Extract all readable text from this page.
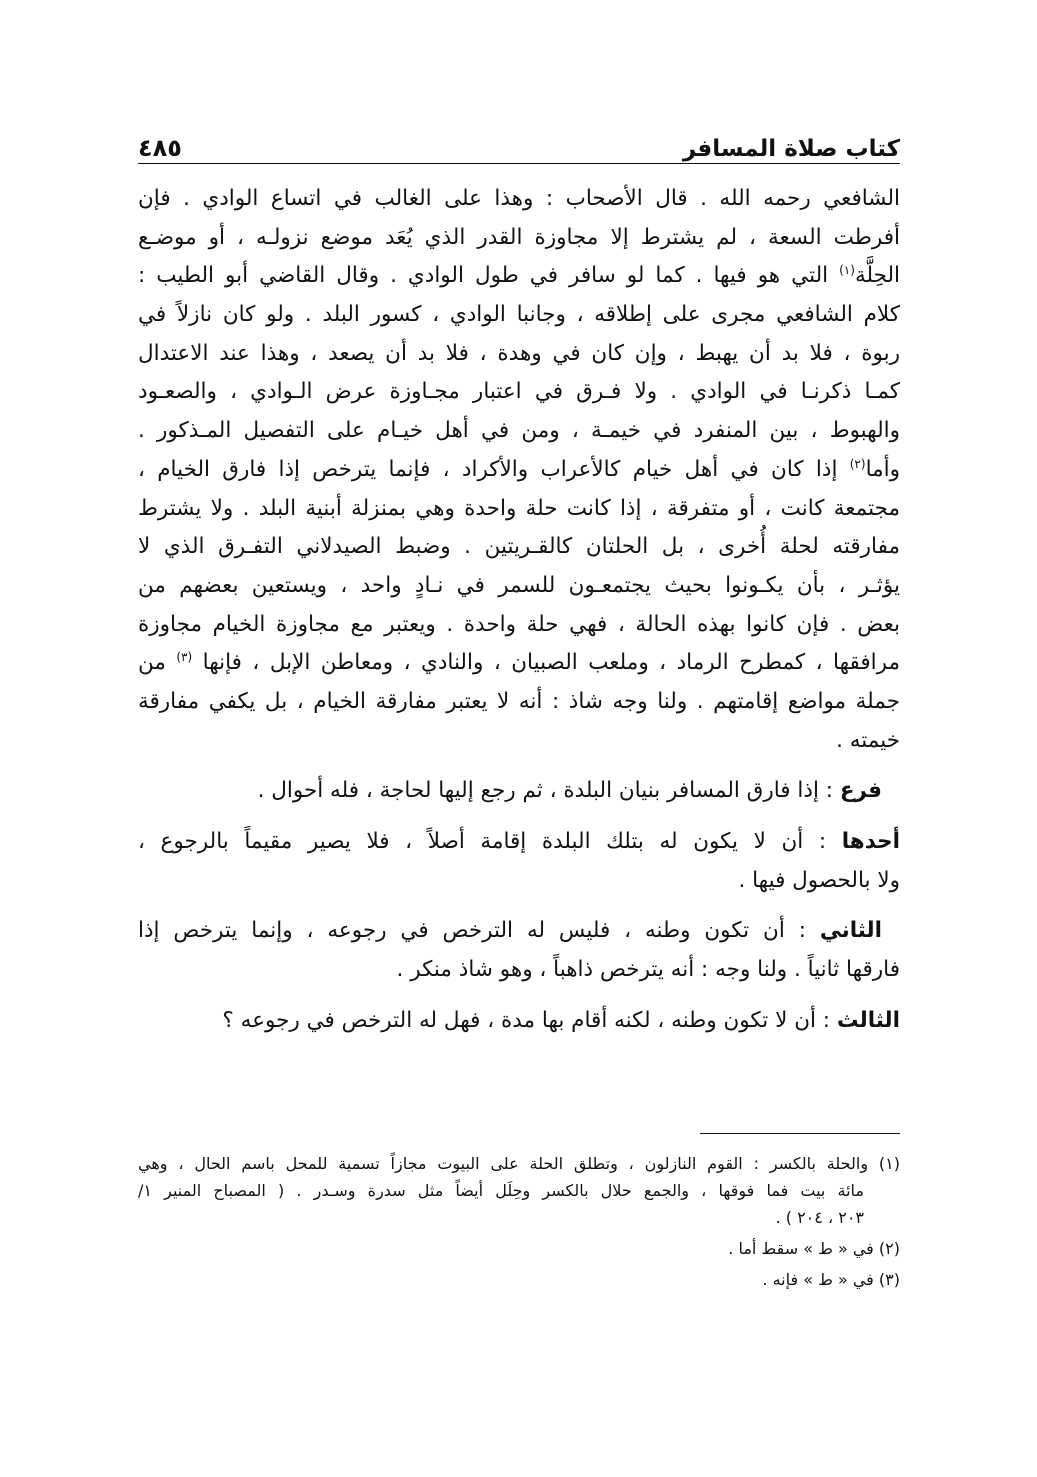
كتاب صلاة المسافر
٤٨٥
الشافعي رحمه الله . قال الأصحاب : وهذا على الغالب في اتساع الوادي . فإن
أفرطت السعة ، لم يشترط إلا مجاوزة القدر الذي يُعَد موضع نزولـه ، أو موضـع
الحِلَّة$^{(١)}$ التي هو فيها . كما لو سافر في طول الوادي . وقال القاضي أبو الطيب :
كلام الشافعي مجرى على إطلاقه ، وجانبا الوادي ، كسور البلد . ولو كان نازلاً في
ربوة ، فلا بد أن يهبط ، وإن كان في وهدة ، فلا بد أن يصعد ، وهذا عند الاعتدال
كمـا ذكرنـا في الوادي . ولا فـرق في اعتبار مجـاوزة عرض الـوادي ، والصعـود
والهبوط ، بين المنفرد في خيمـة ، ومن في أهل خيـام على التفصيل المـذكور .
وأما$^{(٢)}$ إذا كان في أهل خيام كالأعراب والأكراد ، فإنما يترخص إذا فارق الخيام ،
مجتمعة كانت ، أو متفرقة ، إذا كانت حلة واحدة وهي بمنزلة أبنية البلد . ولا يشترط
مفارقته لحلة أُخرى ، بل الحلتان كالقـريتين . وضبط الصيدلاني التفـرق الذي لا
يؤثـر ، بأن يكـونوا بحيث يجتمعـون للسمر في نـادٍ واحد ، ويستعين بعضهم من
بعض . فإن كانوا بهذه الحالة ، فهي حلة واحدة . ويعتبر مع مجاوزة الخيام مجاوزة
مرافقها ، كمطرح الرماد ، وملعب الصبيان ، والنادي ، ومعاطن الإبل ، فإنها $^{(٣)}$ من
جملة مواضع إقامتهم . ولنا وجه شاذ : أنه لا يعتبر مفارقة الخيام ، بل يكفي مفارقة
خيمته .
فرع : إذا فارق المسافر بنيان البلدة ، ثم رجع إليها لحاجة ، فله أحوال .
أحدها : أن لا يكون له بتلك البلدة إقامة أصلاً ، فلا يصير مقيماً بالرجوع ،
ولا بالحصول فيها .
الثاني : أن تكون وطنه ، فليس له الترخص في رجوعه ، وإنما يترخص إذا
فارقها ثانياً . ولنا وجه : أنه يترخص ذاهباً ، وهو شاذ منكر .
الثالث : أن لا تكون وطنه ، لكنه أقام بها مدة ، فهل له الترخص في رجوعه ؟
(١) والحلة بالكسر : القوم النازلون ، وتطلق الحلة على البيوت مجازاً تسمية للمحل باسم الحال ، وهي
مائة بيت فما فوقها ، والجمع حلال بالكسر وحِلَل أيضاً مثل سدرة وسـدر . ( المصباح المنير ١/
٢٠٣ ، ٢٠٤ ) .
(٢) في « ط » سقط أما .
(٣) في « ط » فإنه .
